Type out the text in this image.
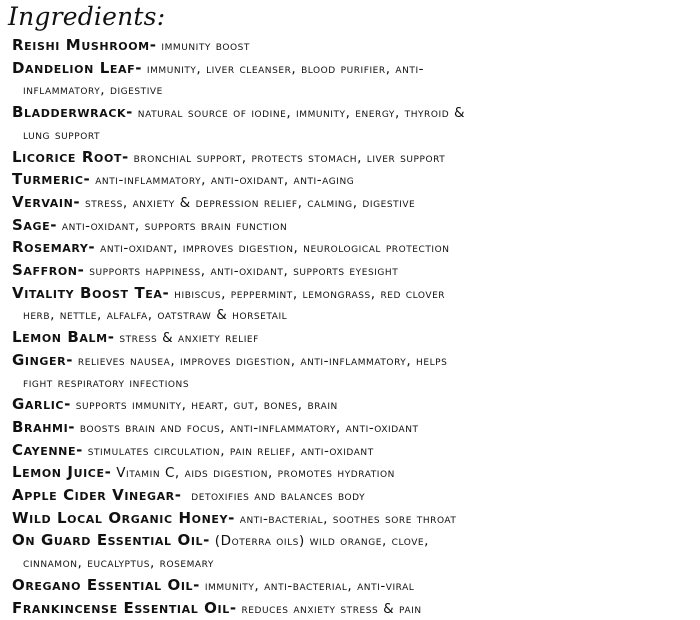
Ingredients:
Reishi Mushroom- immunity boost
Dandelion Leaf- immunity, liver cleanser, blood purifier, anti-
inflammatory, digestive
Bladderwrack- natural source of iodine, immunity, energy, thyroid &
lung support
Licorice Root- bronchial support, protects stomach, liver support
Turmeric- anti-inflammatory, anti-oxidant, anti-aging
Vervain- stress, anxiety & depression relief, calming, digestive
Sage- anti-oxidant, supports brain function
Rosemary- anti-oxidant, improves digestion, neurological protection
Saffron- supports happiness, anti-oxidant, supports eyesight
Vitality Boost Tea- hibiscus, peppermint, lemongrass, red clover
herb, nettle, alfalfa, oatstraw & horsetail
Lemon Balm- stress & anxiety relief
Ginger- relieves nausea, improves digestion, anti-inflammatory, helps
fight respiratory infections
Garlic- supports immunity, heart, gut, bones, brain
Brahmi- boosts brain and focus, anti-inflammatory, anti-oxidant
Cayenne- stimulates circulation, pain relief, anti-oxidant
Lemon Juice- Vitamin C, aids digestion, promotes hydration
Apple Cider Vinegar-  detoxifies and balances body
Wild Local Organic Honey- anti-bacterial, soothes sore throat
On Guard Essential Oil- (Doterra oils) wild orange, clove,
cinnamon, eucalyptus, rosemary
Oregano Essential Oil- immunity, anti-bacterial, anti-viral
Frankincense Essential Oil- reduces anxiety stress & pain
